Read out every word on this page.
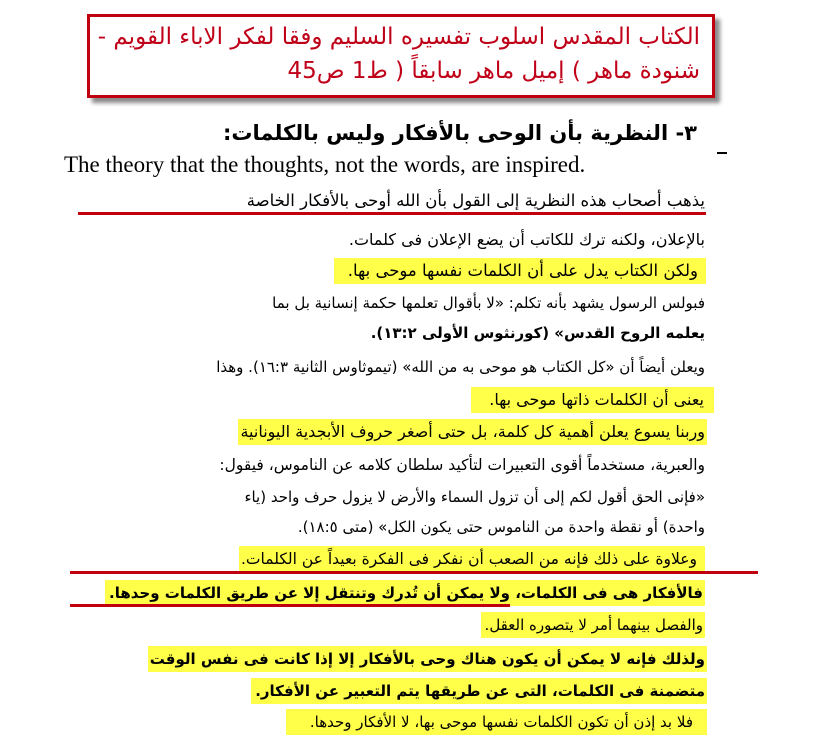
الكتاب المقدس اسلوب تفسيره السليم وفقا لفكر الاباء القويم -
شنودة ماهر ) إميل ماهر سابقاً ( ط1 ص45
٣- النظرية بأن الوحى بالأفكار وليس بالكلمات:
The theory that the thoughts, not the words, are inspired.
يذهب أصحاب هذه النظرية إلى القول بأن الله أوحى بالأفكار الخاصة
بالإعلان، ولكنه ترك للكاتب أن يضع الإعلان فى كلمات.
ولكن الكتاب يدل على أن الكلمات نفسها موحى بها.
فبولس الرسول يشهد بأنه تكلم: «لا بأقوال تعلمها حكمة إنسانية بل بما
يعلمه الروح القدس» (كورنثوس الأولى ١٣:٢).
ويعلن أيضاً أن «كل الكتاب هو موحى به من الله» (تيموثاوس الثانية ١٦:٣). وهذا
يعنى أن الكلمات ذاتها موحى بها.
وربنا يسوع يعلن أهمية كل كلمة، بل حتى أصغر حروف الأبجدية اليونانية
والعبرية، مستخدماً أقوى التعبيرات لتأكيد سلطان كلامه عن الناموس، فيقول:
«فإنى الحق أقول لكم إلى أن تزول السماء والأرض لا يزول حرف واحد (ياء
واحدة) أو نقطة واحدة من الناموس حتى يكون الكل» (متى ١٨:٥).
وعلاوة على ذلك فإنه من الصعب أن نفكر فى الفكرة بعيداً عن الكلمات.
فالأفكار هى فى الكلمات، ولا يمكن أن تُدرك وتنتقل إلا عن طريق الكلمات وحدها.
والفصل بينهما أمر لا يتصوره العقل.
ولذلك فإنه لا يمكن أن يكون هناك وحى بالأفكار إلا إذا كانت فى نفس الوقت
متضمنة فى الكلمات، التى عن طريقها يتم التعبير عن الأفكار.
فلا بد إذن أن تكون الكلمات نفسها موحى بها، لا الأفكار وحدها.
